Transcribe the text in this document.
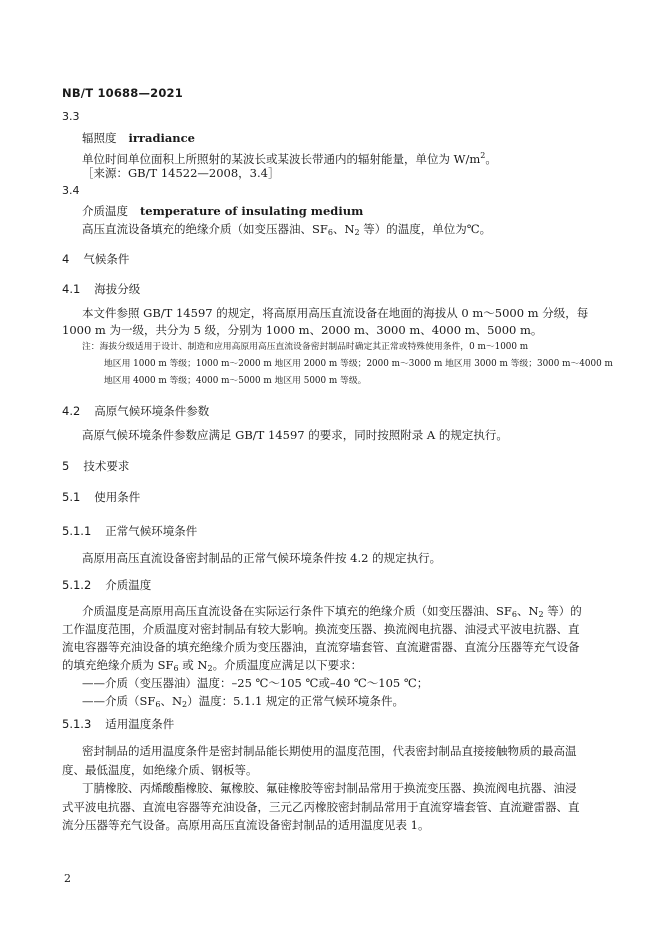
NB/T 10688—2021
3.3
辐照度 irradiance
单位时间单位面积上所照射的某波长或某波长带通内的辐射能量，单位为 $W/m^2$。
［来源：GB/T 14522—2008，3.4］
3.4
介质温度 temperature of insulating medium
高压直流设备填充的绝缘介质（如变压器油、$SF_6$、$N_2$ 等）的温度，单位为℃。
4 气候条件
4.1 海拔分级
本文件参照 GB/T 14597 的规定，将高原用高压直流设备在地面的海拔从 0 m～5000 m 分级，每
1000 m 为一级，共分为 5 级，分别为 1000 m、2000 m、3000 m、4000 m、5000 m。
注：海拔分级适用于设计、制造和应用高原用高压直流设备密封制品时确定其正常或特殊使用条件，0 m～1000 m
地区用 1000 m 等级；1000 m～2000 m 地区用 2000 m 等级；2000 m～3000 m 地区用 3000 m 等级；3000 m～4000 m
地区用 4000 m 等级；4000 m～5000 m 地区用 5000 m 等级。
4.2 高原气候环境条件参数
高原气候环境条件参数应满足 GB/T 14597 的要求，同时按照附录 A 的规定执行。
5 技术要求
5.1 使用条件
5.1.1 正常气候环境条件
高原用高压直流设备密封制品的正常气候环境条件按 4.2 的规定执行。
5.1.2 介质温度
介质温度是高原用高压直流设备在实际运行条件下填充的绝缘介质（如变压器油、$SF_6$、$N_2$ 等）的
工作温度范围，介质温度对密封制品有较大影响。换流变压器、换流阀电抗器、油浸式平波电抗器、直
流电容器等充油设备的填充绝缘介质为变压器油，直流穿墙套管、直流避雷器、直流分压器等充气设备
的填充绝缘介质为 $SF_6$ 或 $N_2$。介质温度应满足以下要求：
——介质（变压器油）温度：–25 ℃～105 ℃或–40 ℃～105 ℃；
——介质（$SF_6$、$N_2$）温度：5.1.1 规定的正常气候环境条件。
5.1.3 适用温度条件
密封制品的适用温度条件是密封制品能长期使用的温度范围，代表密封制品直接接触物质的最高温
度、最低温度，如绝缘介质、钢板等。
丁腈橡胶、丙烯酸酯橡胶、氟橡胶、氟硅橡胶等密封制品常用于换流变压器、换流阀电抗器、油浸
式平波电抗器、直流电容器等充油设备，三元乙丙橡胶密封制品常用于直流穿墙套管、直流避雷器、直
流分压器等充气设备。高原用高压直流设备密封制品的适用温度见表 1。
2
